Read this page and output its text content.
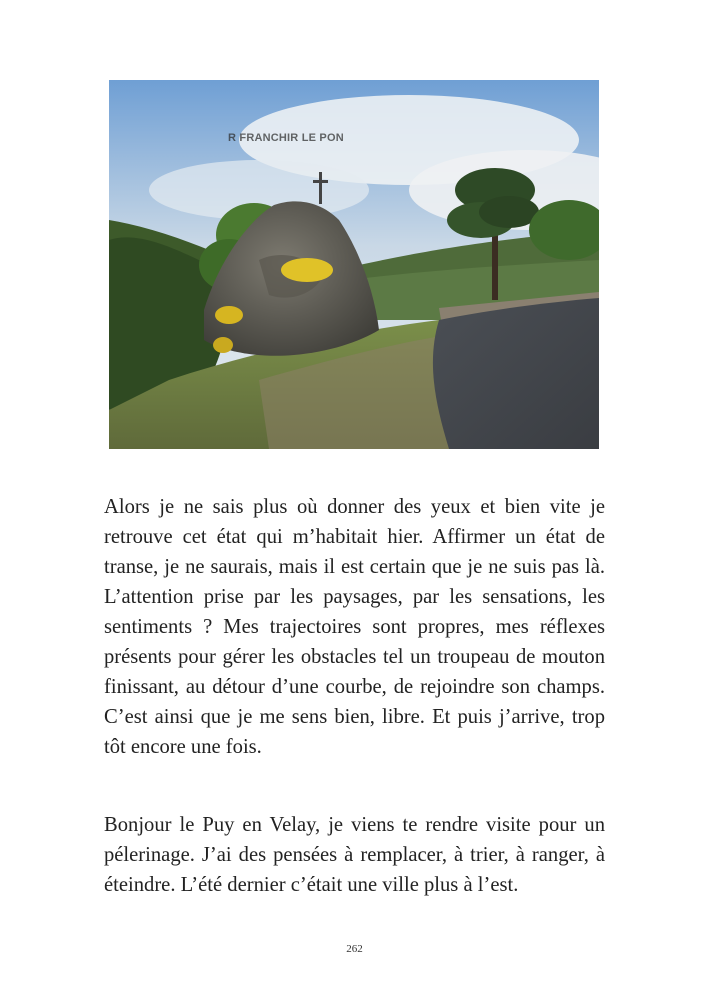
R FRANCHIR LE PON

Alors je ne sais plus où donner des yeux et bien vite je retrouve cet état qui m’habitait hier. Affirmer un état de transe, je ne saurais, mais il est certain que je ne suis pas là. L’attention prise par les paysages, par les sensations, les sentiments ? Mes trajectoires sont propres, mes réflexes présents pour gérer les obstacles tel un troupeau de mouton finissant, au détour d’une courbe, de rejoindre son champs. C’est ainsi que je me sens bien, libre. Et puis j’arrive, trop tôt encore une fois.

Bonjour le Puy en Velay, je viens te rendre visite pour un pélerinage. J’ai des pensées à remplacer, à trier, à ranger, à éteindre. L’été dernier c’était une ville plus à l’est.

262
